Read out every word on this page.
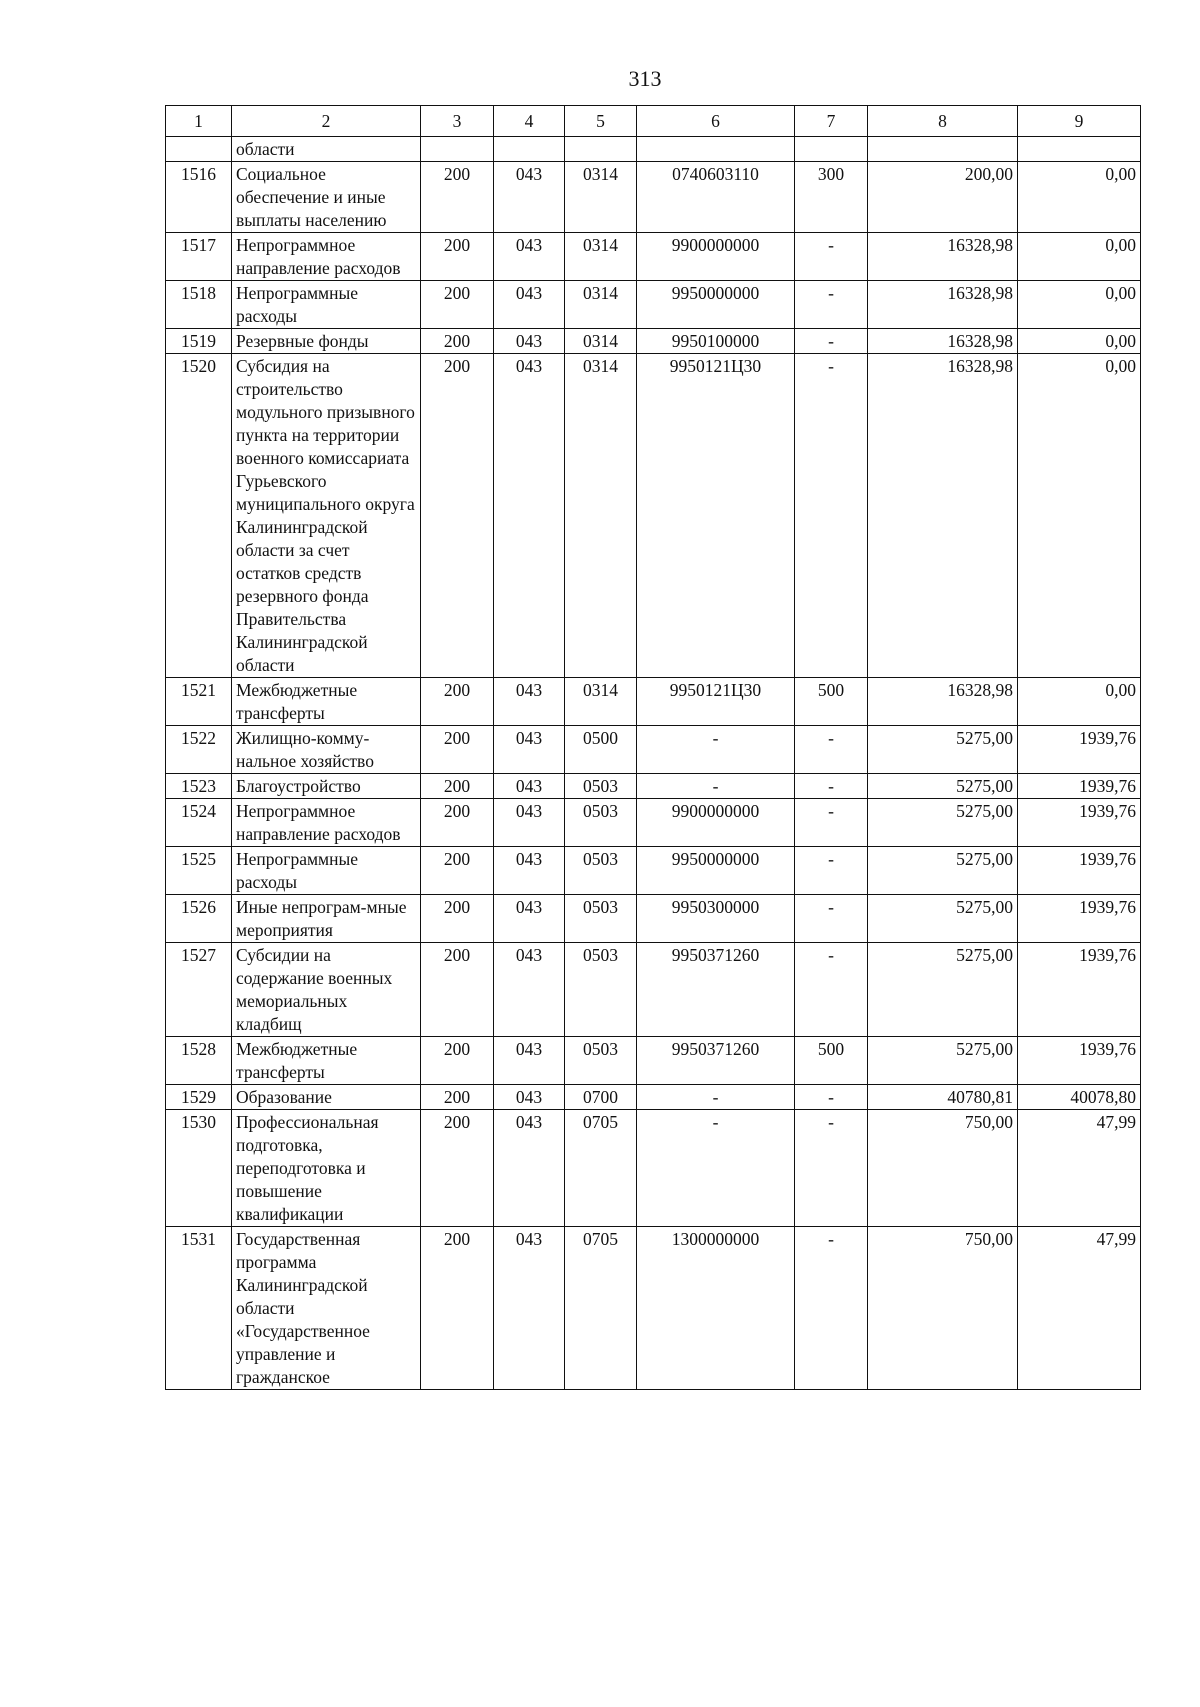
313
1	2	3	4	5	6	7	8	9
	области							
1516	Социальное обеспечение и иные выплаты населению	200	043	0314	0740603110	300	200,00	0,00
1517	Непрограммное направление расходов	200	043	0314	9900000000	-	16328,98	0,00
1518	Непрограммные расходы	200	043	0314	9950000000	-	16328,98	0,00
1519	Резервные фонды	200	043	0314	9950100000	-	16328,98	0,00
1520	Субсидия на строительство модульного призывного пункта на территории военного комиссариата Гурьевского муниципального округа Калининградской области за счет остатков средств резервного фонда Правительства Калининградской области	200	043	0314	9950121Ц30	-	16328,98	0,00
1521	Межбюджетные трансферты	200	043	0314	9950121Ц30	500	16328,98	0,00
1522	Жилищно-комму-нальное хозяйство	200	043	0500	-	-	5275,00	1939,76
1523	Благоустройство	200	043	0503	-	-	5275,00	1939,76
1524	Непрограммное направление расходов	200	043	0503	9900000000	-	5275,00	1939,76
1525	Непрограммные расходы	200	043	0503	9950000000	-	5275,00	1939,76
1526	Иные непрограм-мные мероприятия	200	043	0503	9950300000	-	5275,00	1939,76
1527	Субсидии на содержание военных мемориальных кладбищ	200	043	0503	9950371260	-	5275,00	1939,76
1528	Межбюджетные трансферты	200	043	0503	9950371260	500	5275,00	1939,76
1529	Образование	200	043	0700	-	-	40780,81	40078,80
1530	Профессиональная подготовка, переподготовка и повышение квалификации	200	043	0705	-	-	750,00	47,99
1531	Государственная программа Калининградской области «Государственное управление и гражданское	200	043	0705	1300000000	-	750,00	47,99
